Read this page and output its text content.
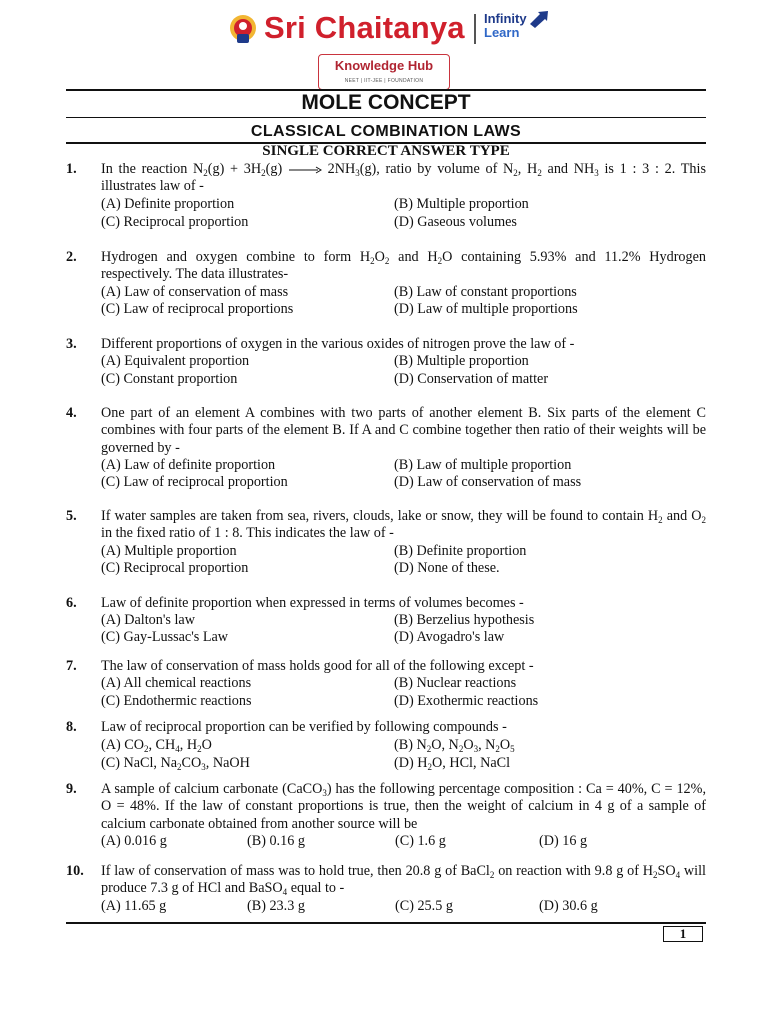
Sri Chaitanya Infinity
Learn
Knowledge Hub
NEET | IIT-JEE | FOUNDATION
MOLE CONCEPT
CLASSICAL COMBINATION LAWS
SINGLE CORRECT ANSWER TYPE
1. In the reaction $N_2(g) + 3H_2(g) \to 2NH_3(g)$, ratio by volume of $N_2$, $H_2$ and $NH_3$ is 1 : 3 : 2. This illustrates law of -
(A) Definite proportion	(B) Multiple proportion
(C) Reciprocal proportion	(D) Gaseous volumes
2. Hydrogen and oxygen combine to form $H_2O_2$ and $H_2O$ containing 5.93% and 11.2% Hydrogen respectively. The data illustrates-
(A) Law of conservation of mass	(B) Law of constant proportions
(C) Law of reciprocal proportions	(D) Law of multiple proportions
3. Different proportions of oxygen in the various oxides of nitrogen prove the law of -
(A) Equivalent proportion	(B) Multiple proportion
(C) Constant proportion	(D) Conservation of matter
4. One part of an element A combines with two parts of another element B. Six parts of the element C combines with four parts of the element B. If A and C combine together then ratio of their weights will be governed by -
(A) Law of definite proportion	(B) Law of multiple proportion
(C) Law of reciprocal proportion	(D) Law of conservation of mass
5. If water samples are taken from sea, rivers, clouds, lake or snow, they will be found to contain $H_2$ and $O_2$ in the fixed ratio of 1 : 8. This indicates the law of -
(A) Multiple proportion	(B) Definite proportion
(C) Reciprocal proportion	(D) None of these.
6. Law of definite proportion when expressed in terms of volumes becomes -
(A) Dalton's law	(B) Berzelius hypothesis
(C) Gay-Lussac's Law	(D) Avogadro's law
7. The law of conservation of mass holds good for all of the following except -
(A) All chemical reactions	(B) Nuclear reactions
(C) Endothermic reactions	(D) Exothermic reactions
8. Law of reciprocal proportion can be verified by following compounds -
(A) $CO_2$, $CH_4$, $H_2O$	(B) $N_2O$, $N_2O_3$, $N_2O_5$
(C) NaCl, $Na_2CO_3$, NaOH	(D) $H_2O$, HCl, NaCl
9. A sample of calcium carbonate (CaCO$_3$) has the following percentage composition : Ca = 40%, C = 12%, O = 48%. If the law of constant proportions is true, then the weight of calcium in 4 g of a sample of calcium carbonate obtained from another source will be
(A) 0.016 g	(B) 0.16 g	(C) 1.6 g	(D) 16 g
10. If law of conservation of mass was to hold true, then 20.8 g of BaCl$_2$ on reaction with 9.8 g of $H_2SO_4$ will produce 7.3 g of HCl and BaSO$_4$ equal to -
(A) 11.65 g	(B) 23.3 g	(C) 25.5 g	(D) 30.6 g
1
